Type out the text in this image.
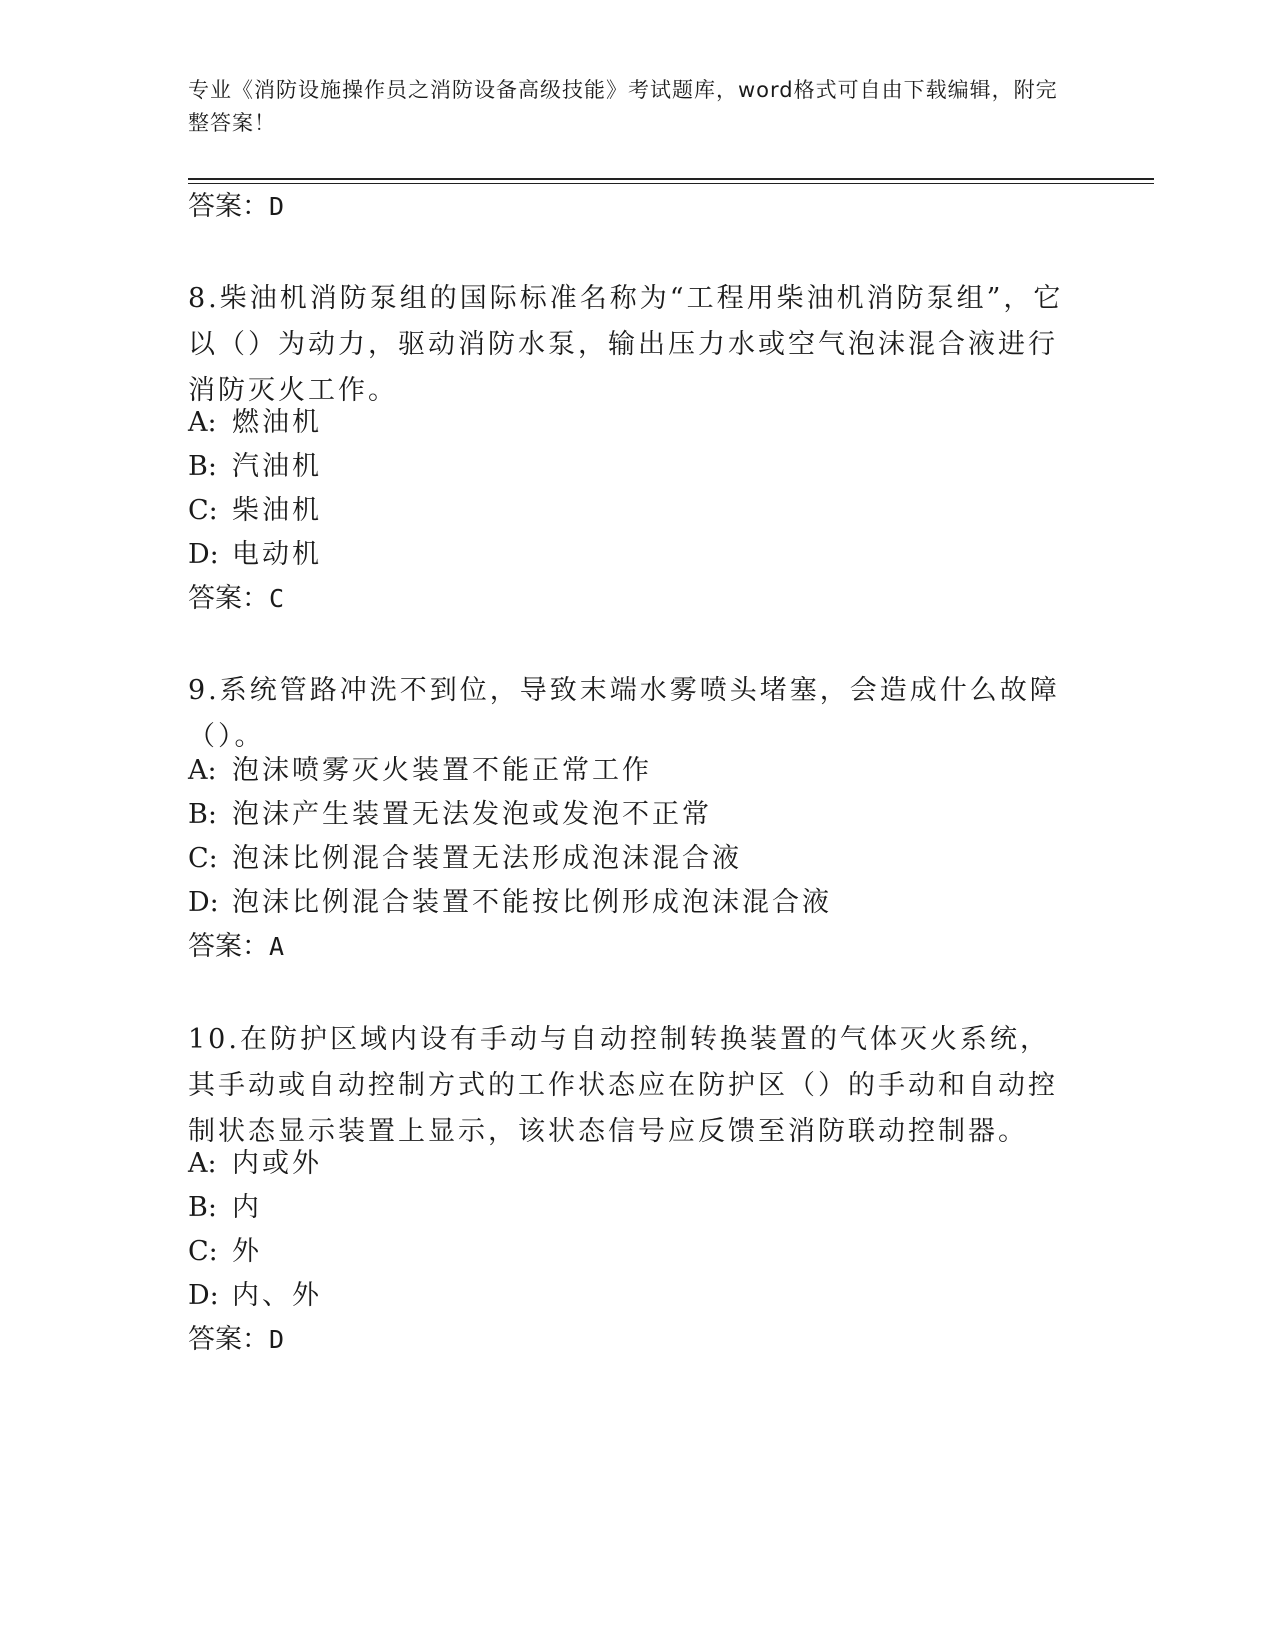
专业《消防设施操作员之消防设备高级技能》考试题库，word格式可自由下载编辑，附完整答案！
答案：D
8.柴油机消防泵组的国际标准名称为“工程用柴油机消防泵组”，它以（）为动力，驱动消防水泵，输出压力水或空气泡沫混合液进行消防灭火工作。
A: 燃油机
B: 汽油机
C: 柴油机
D: 电动机
答案：C
9.系统管路冲洗不到位，导致末端水雾喷头堵塞，会造成什么故障（）。
A: 泡沫喷雾灭火装置不能正常工作
B: 泡沫产生装置无法发泡或发泡不正常
C: 泡沫比例混合装置无法形成泡沫混合液
D: 泡沫比例混合装置不能按比例形成泡沫混合液
答案：A
10.在防护区域内设有手动与自动控制转换装置的气体灭火系统，其手动或自动控制方式的工作状态应在防护区（）的手动和自动控制状态显示装置上显示，该状态信号应反馈至消防联动控制器。
A: 内或外
B: 内
C: 外
D: 内、外
答案：D
